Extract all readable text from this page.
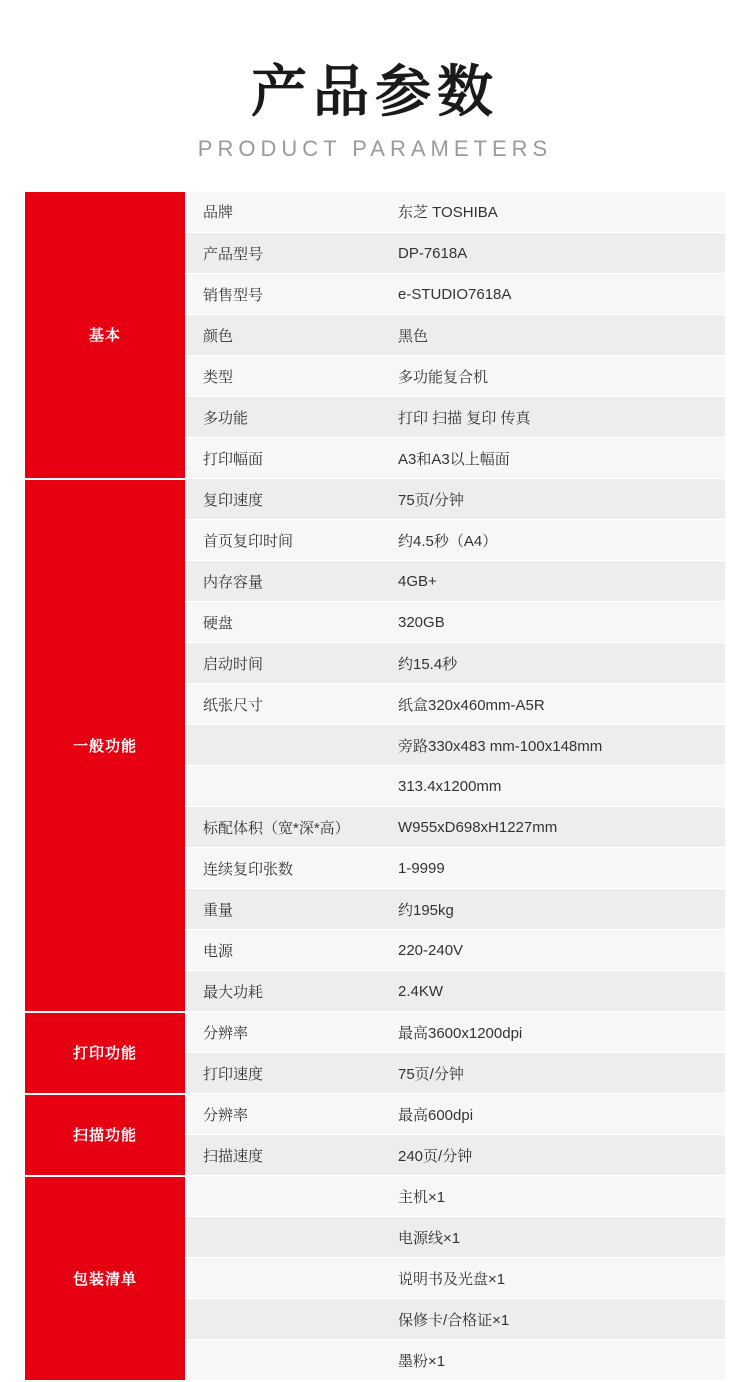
产品参数
PRODUCT PARAMETERS
基本	品牌	东芝 TOSHIBA
	产品型号	DP-7618A
	销售型号	e-STUDIO7618A
	颜色	黑色
	类型	多功能复合机
	多功能	打印 扫描 复印 传真
	打印幅面	A3和A3以上幅面
一般功能	复印速度	75页/分钟
	首页复印时间	约4.5秒（A4）
	内存容量	4GB+
	硬盘	320GB
	启动时间	约15.4秒
	纸张尺寸	纸盒320x460mm-A5R
		旁路330x483 mm-100x148mm
		313.4x1200mm
	标配体积（宽*深*高）	W955xD698xH1227mm
	连续复印张数	1-9999
	重量	约195kg
	电源	220-240V
	最大功耗	2.4KW
打印功能	分辨率	最高3600x1200dpi
	打印速度	75页/分钟
扫描功能	分辨率	最高600dpi
	扫描速度	240页/分钟
包装清单		主机×1
		电源线×1
		说明书及光盘×1
		保修卡/合格证×1
		墨粉×1
